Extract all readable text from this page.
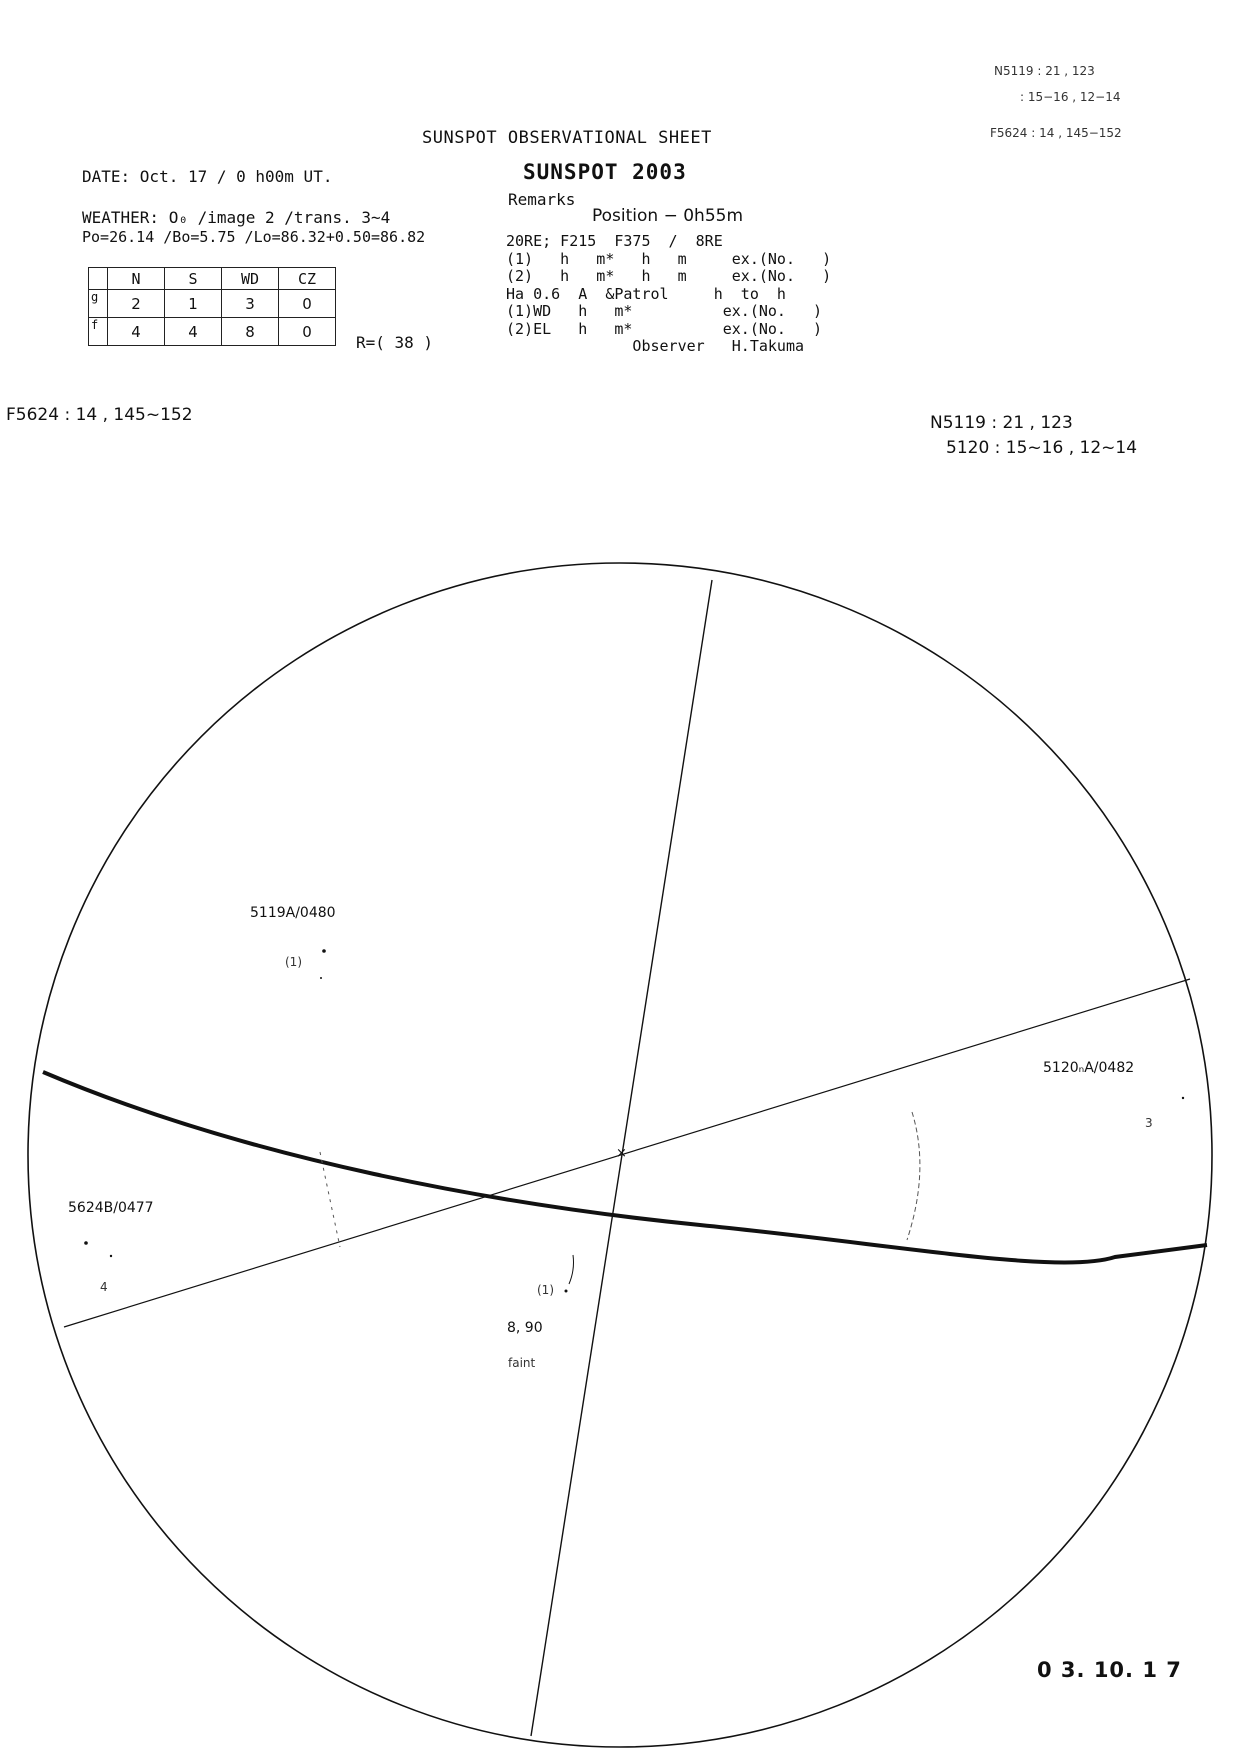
SUNSPOT OBSERVATIONAL SHEET
SUNSPOT 2003
DATE: Oct. 17 / 0 h00m UT.
WEATHER: O₀ /image 2 /trans. 3~4
Po=26.14 /Bo=5.75 /Lo=86.32+0.50=86.82
	N	S	WD	CZ
g	2	1	3	0
f	4	4	8	0
R=( 38 )
Remarks
Position − 0h55m
20RE; F215  F375  /  8RE
(1)   h   m*   h   m     ex.(No.   )
(2)   h   m*   h   m     ex.(No.   )
Ha 0.6  A  &Patrol     h  to  h
(1)WD   h   m*          ex.(No.   )
(2)EL   h   m*          ex.(No.   )
Observer   H.Takuma
N5119 : 21 , 123
: 15−16 , 12−14
F5624 : 14 , 145−152
F5624 : 14 , 145~152	N5119 : 21 , 123
5120 : 15~16 , 12~14
×
5119A/0480
(1)
5120ₙA/0482
3
5624B/0477
4	(1)
8, 90
faint
0 3. 10. 1 7
